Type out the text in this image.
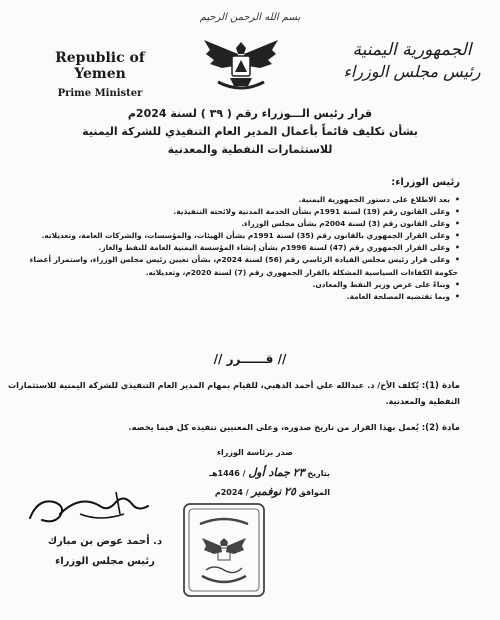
بسم الله الرحمن الرحيم
Republic of Yemen
Prime Minister
الجمهورية اليمنية
رئيس مجلس الوزراء
قرار رئيس الـــوزراء رقم ( ٣٩ ) لسنة 2024م
بشأن تكليف قائماً بأعمال المدير العام التنفيذي للشركة اليمنية
للاستثمارات النفطية والمعدنية
رئيس الوزراء:
• بعد الاطلاع على دستور الجمهورية اليمنية.
• وعلى القانون رقم (19) لسنة 1991م بشأن الخدمة المدنية ولائحته التنفيذية.
• وعلى القانون رقم (3) لسنة 2004م بشأن مجلس الوزراء.
• وعلى القرار الجمهوري بالقانون رقم (35) لسنة 1991م بشأن الهيئات، والمؤسسات، والشركات العامة، وتعديلاته.
• وعلى القرار الجمهوري رقم (47) لسنة 1996م بشأن إنشاء المؤسسة اليمنية العامة للنفط والغاز.
• وعلى قرار رئيس مجلس القيادة الرئاسي رقم (56) لسنة 2024م، بشأن تعيين رئيس مجلس الوزراء، واستمرار أعضاء
حكومة الكفاءات السياسية المشكلة بالقرار الجمهوري رقم (7) لسنة 2020م، وتعديلاته.
• وبناءً على عرض وزير النفط والمعادن.
• وبما تقتضيه المصلحة العامة.
// قــــــرر //
مادة (1): يُكلف الأخ/ د. عبدالله علي أحمد الدهبي، للقيام بمهام المدير العام التنفيذي للشركة اليمنية للاستثمارات
النفطية والمعدنية.
مادة (2): يُعمل بهذا القرار من تاريخ صدوره، وعلى المعنيين تنفيذه كل فيما يخصه.
صدر برئاسة الوزراء
بتاريخ ٢٣ جماد أول / 1446هـ
الموافق ٢٥ نوفمبر / 2024م
د. أحمد عوض بن مبارك
رئيس مجلس الوزراء
